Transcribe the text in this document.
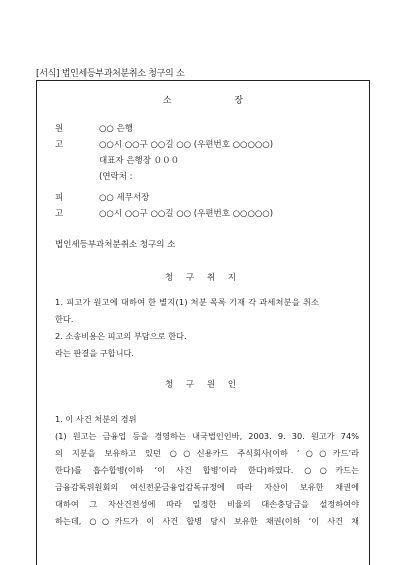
[서식] 법인세등부과처분취소 청구의 소
소 장
원 고
○○ 은행
○○시 ○○구 ○○길 ○○ (우편번호 ○○○○○)
대표자 은행장 ０００
(연락처 :
피 고
○○ 세무서장
○○시 ○○구 ○○길 ○○ (우편번호 ○○○○○)
법인세등부과처분취소 청구의 소
청 구 취 지
1. 피고가 원고에 대하여 한 별지(1) 처분 목록 기재 각 과세처분을 취소
한다.
2. 소송비용은 피고의 부담으로 한다.
라는 판결을 구합니다.
청 구 원 인
1. 이 사건 처분의 경위
(1) 원고는 금융업 등을 경영하는 내국법인인바, 2003. 9. 30. 원고가 74%
의 지분을 보유하고 있던 ○○신용카드 주식회사(이하 ‘○○카드’라
한다)를 흡수합병(이하 ‘이 사건 합병’이라 한다)하였다. ○○카드는
금융감독위원회의 여신전문금융업감독규정에 따라 자산이 보유한 채권에
대하여 그 자산건전성에 따라 일정한 비율의 대손충당금을 설정하여야
하는데, ○○카드가 이 사건 합병 당시 보유한 채권(이하 ‘이 사건 채
